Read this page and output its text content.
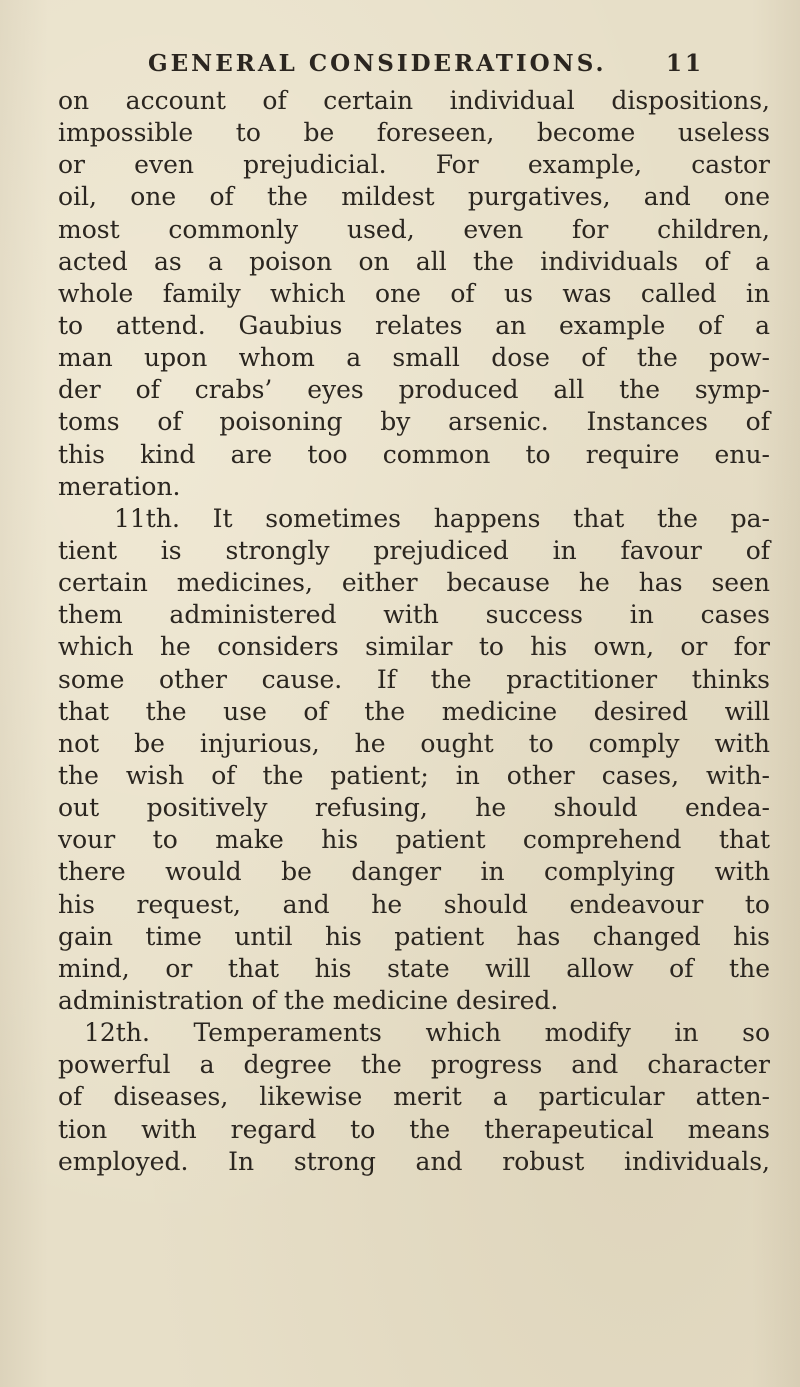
GENERAL CONSIDERATIONS.	11
on account of certain individual dispositions,
impossible to be foreseen, become useless
or even prejudicial. For example, castor
oil, one of the mildest purgatives, and one
most commonly used, even for children,
acted as a poison on all the individuals of a
whole family which one of us was called in
to attend. Gaubius relates an example of a
man upon whom a small dose of the pow-
der of crabs’ eyes produced all the symp-
toms of poisoning by arsenic. Instances of
this kind are too common to require enu-
meration.
11th. It sometimes happens that the pa-
tient is strongly prejudiced in favour of
certain medicines, either because he has seen
them administered with success in cases
which he considers similar to his own, or for
some other cause. If the practitioner thinks
that the use of the medicine desired will
not be injurious, he ought to comply with
the wish of the patient; in other cases, with-
out positively refusing, he should endea-
vour to make his patient comprehend that
there would be danger in complying with
his request, and he should endeavour to
gain time until his patient has changed his
mind, or that his state will allow of the
administration of the medicine desired.
12th. Temperaments which modify in so
powerful a degree the progress and character
of diseases, likewise merit a particular atten-
tion with regard to the therapeutical means
employed. In strong and robust individuals,
